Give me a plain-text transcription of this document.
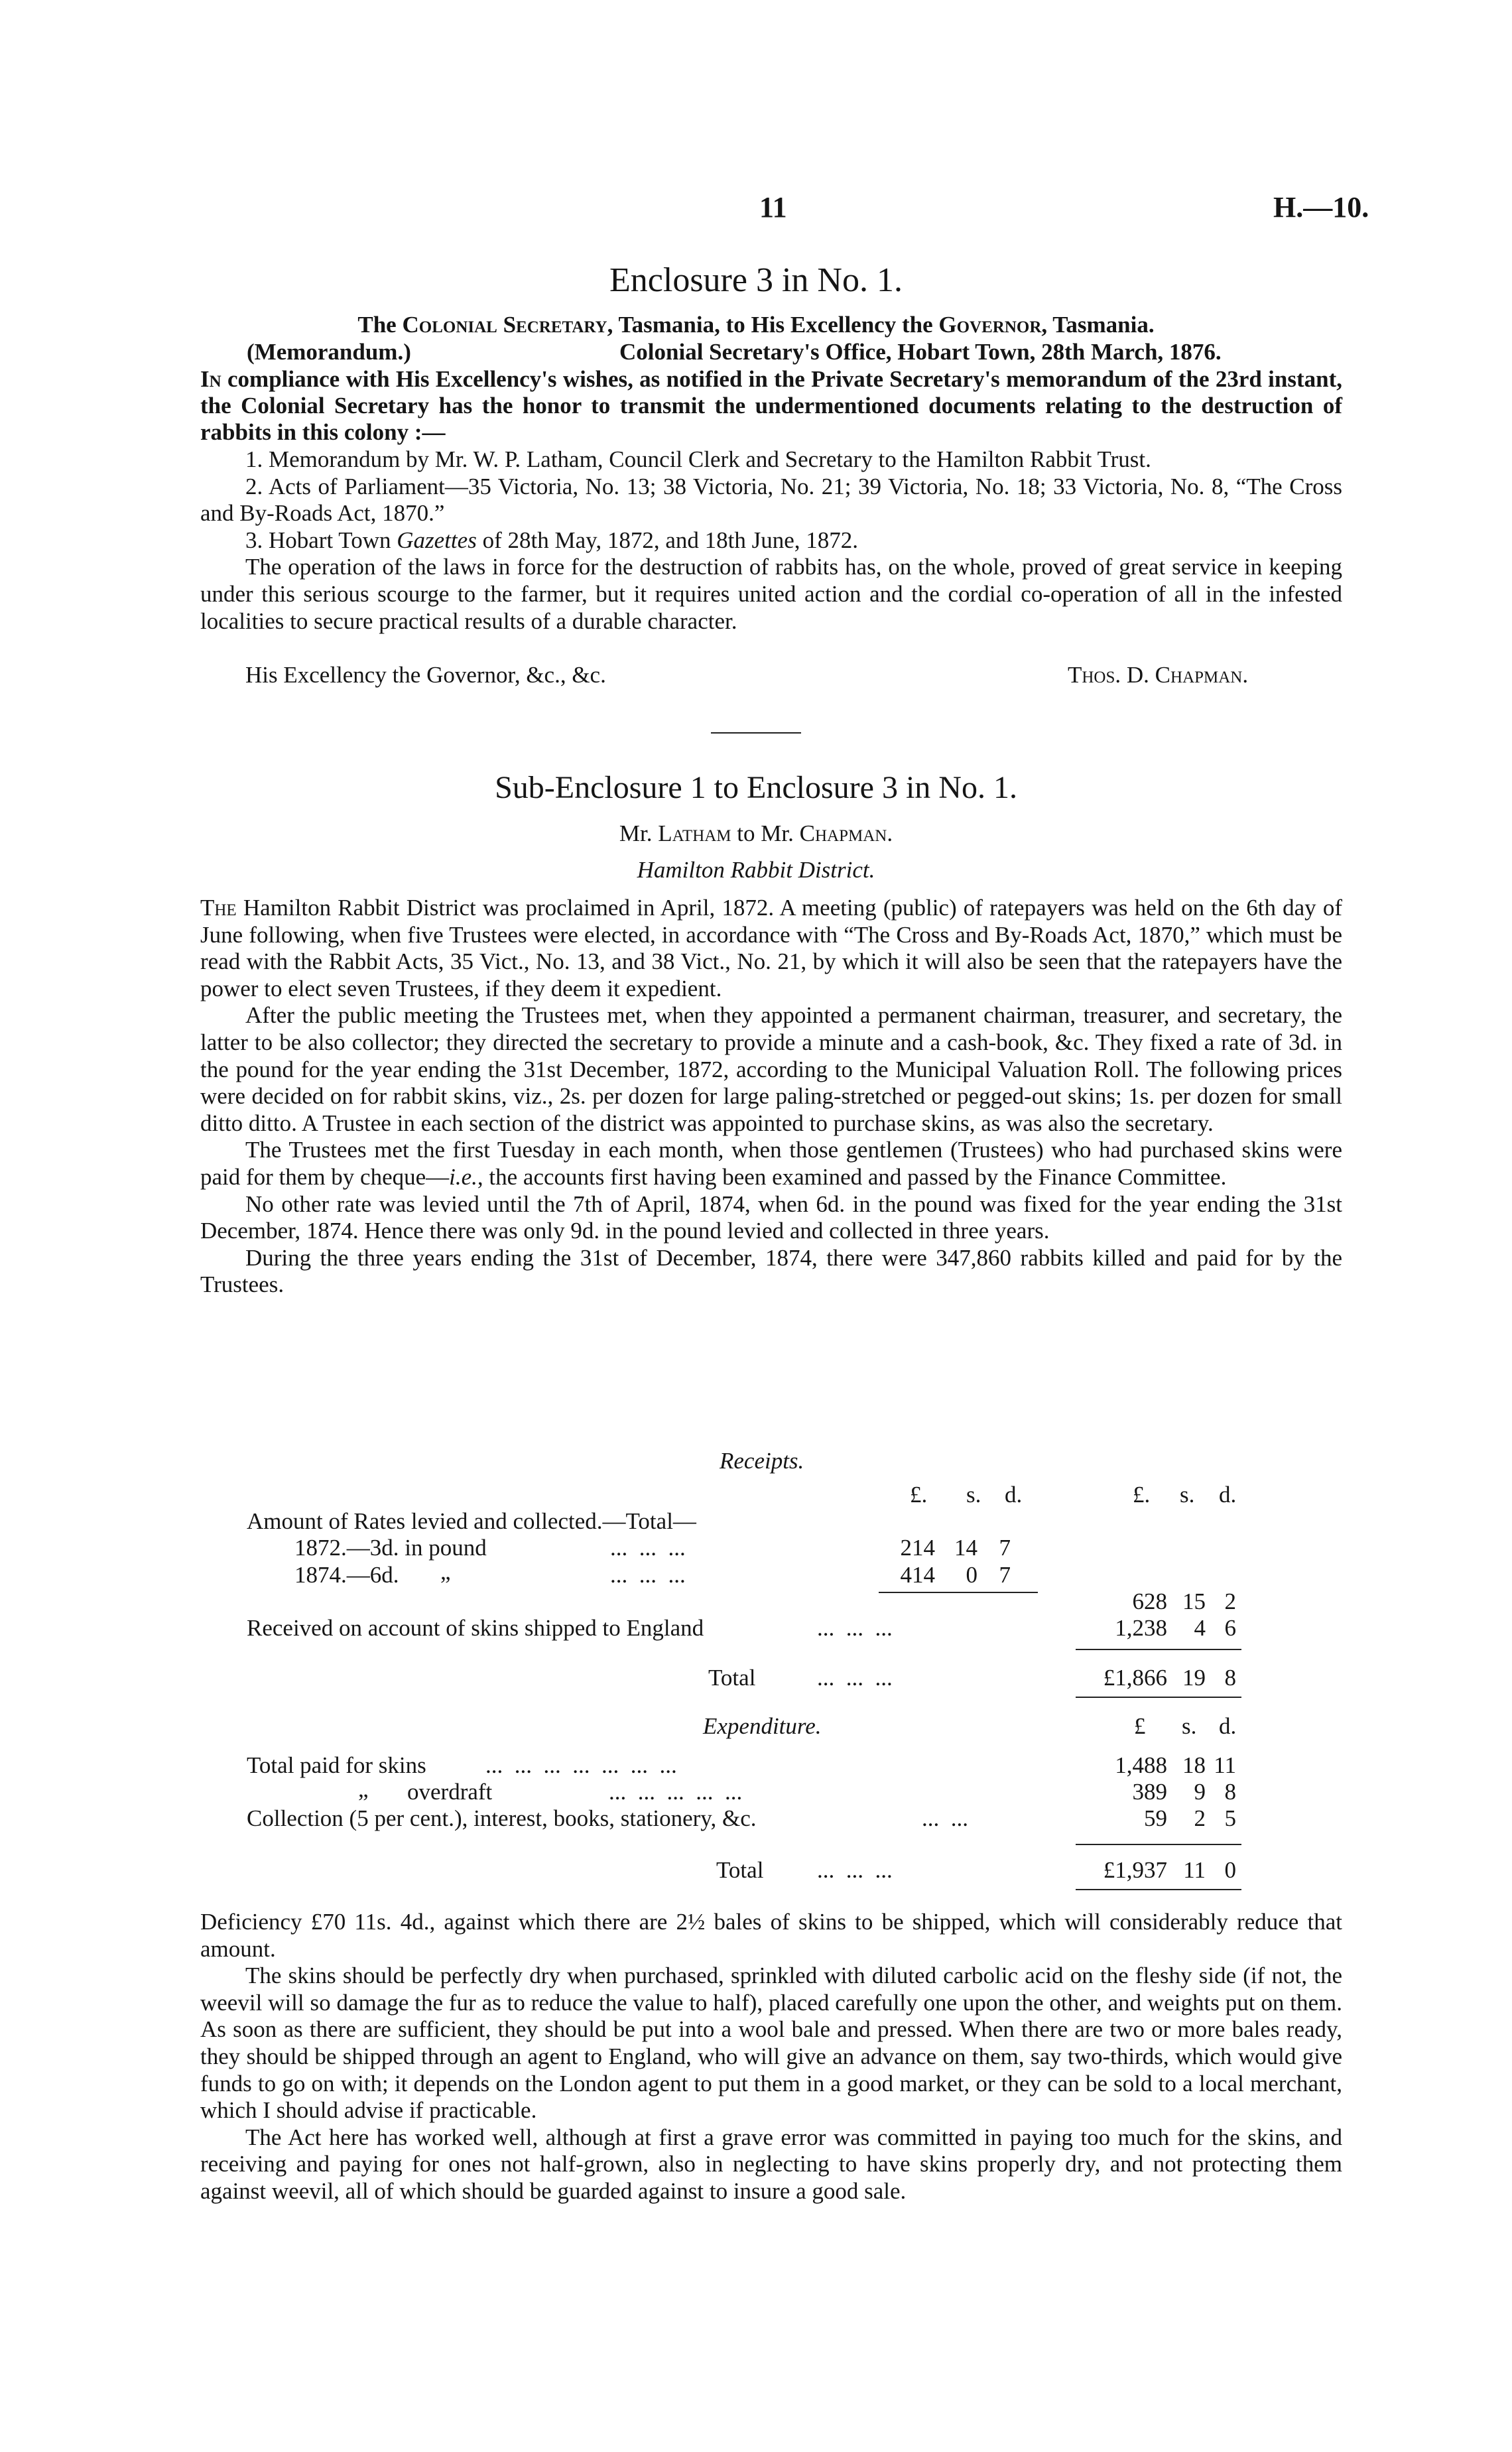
11	H.—10.
Enclosure 3 in No. 1.
The Colonial Secretary, Tasmania, to His Excellency the Governor, Tasmania.
(Memorandum.)	Colonial Secretary's Office, Hobart Town, 28th March, 1876.

In compliance with His Excellency's wishes, as notified in the Private Secretary's memorandum of the 23rd instant, the Colonial Secretary has the honor to transmit the undermentioned documents relating to the destruction of rabbits in this colony :—

1. Memorandum by Mr. W. P. Latham, Council Clerk and Secretary to the Hamilton Rabbit Trust.

2. Acts of Parliament—35 Victoria, No. 13; 38 Victoria, No. 21; 39 Victoria, No. 18; 33 Victoria, No. 8, “The Cross and By-Roads Act, 1870.”

3. Hobart Town Gazettes of 28th May, 1872, and 18th June, 1872.

The operation of the laws in force for the destruction of rabbits has, on the whole, proved of great service in keeping under this serious scourge to the farmer, but it requires united action and the cordial co-operation of all in the infested localities to secure practical results of a durable character.

His Excellency the Governor, &c., &c.	Thos. D. Chapman.
Sub-Enclosure 1 to Enclosure 3 in No. 1.
Mr. Latham to Mr. Chapman.
Hamilton Rabbit District.

The Hamilton Rabbit District was proclaimed in April, 1872. A meeting (public) of ratepayers was held on the 6th day of June following, when five Trustees were elected, in accordance with “The Cross and By-Roads Act, 1870,” which must be read with the Rabbit Acts, 35 Vict., No. 13, and 38 Vict., No. 21, by which it will also be seen that the ratepayers have the power to elect seven Trustees, if they deem it expedient.

After the public meeting the Trustees met, when they appointed a permanent chairman, treasurer, and secretary, the latter to be also collector; they directed the secretary to provide a minute and a cash-book, &c. They fixed a rate of 3d. in the pound for the year ending the 31st December, 1872, according to the Municipal Valuation Roll. The following prices were decided on for rabbit skins, viz., 2s. per dozen for large paling-stretched or pegged-out skins; 1s. per dozen for small ditto ditto. A Trustee in each section of the district was appointed to purchase skins, as was also the secretary.

The Trustees met the first Tuesday in each month, when those gentlemen (Trustees) who had purchased skins were paid for them by cheque—i.e., the accounts first having been examined and passed by the Finance Committee.

No other rate was levied until the 7th of April, 1874, when 6d. in the pound was fixed for the year ending the 31st December, 1874. Hence there was only 9d. in the pound levied and collected in three years.

During the three years ending the 31st of December, 1874, there were 347,860 rabbits killed and paid for by the Trustees.

Receipts.
£. s. d.	£. s. d.
Amount of Rates levied and collected.—Total—
1872.—3d. in pound	...  ...  ...	214 14 7
1874.—6d. „	...  ...  ...	414	0 7
628 15 2
Received on account of skins shipped to England	...  ...  ...	1,238	4 6
Total	...  ...  ...	£1,866 19 8
Expenditure.	£ s. d.
Total paid for skins	...  ...  ...  ...  ...  ...  ...	1,488 18 11
„ overdraft	...  ...  ...  ...  ...	389	9 8
Collection (5 per cent.), interest, books, stationery, &c.	...  ...	59	2 5
Total ...  ...  ...	£1,937 11 0

Deficiency £70 11s. 4d., against which there are 2½ bales of skins to be shipped, which will considerably reduce that amount.

The skins should be perfectly dry when purchased, sprinkled with diluted carbolic acid on the fleshy side (if not, the weevil will so damage the fur as to reduce the value to half), placed carefully one upon the other, and weights put on them. As soon as there are sufficient, they should be put into a wool bale and pressed. When there are two or more bales ready, they should be shipped through an agent to England, who will give an advance on them, say two-thirds, which would give funds to go on with; it depends on the London agent to put them in a good market, or they can be sold to a local merchant, which I should advise if practicable.

The Act here has worked well, although at first a grave error was committed in paying too much for the skins, and receiving and paying for ones not half-grown, also in neglecting to have skins properly dry, and not protecting them against weevil, all of which should be guarded against to insure a good sale.
